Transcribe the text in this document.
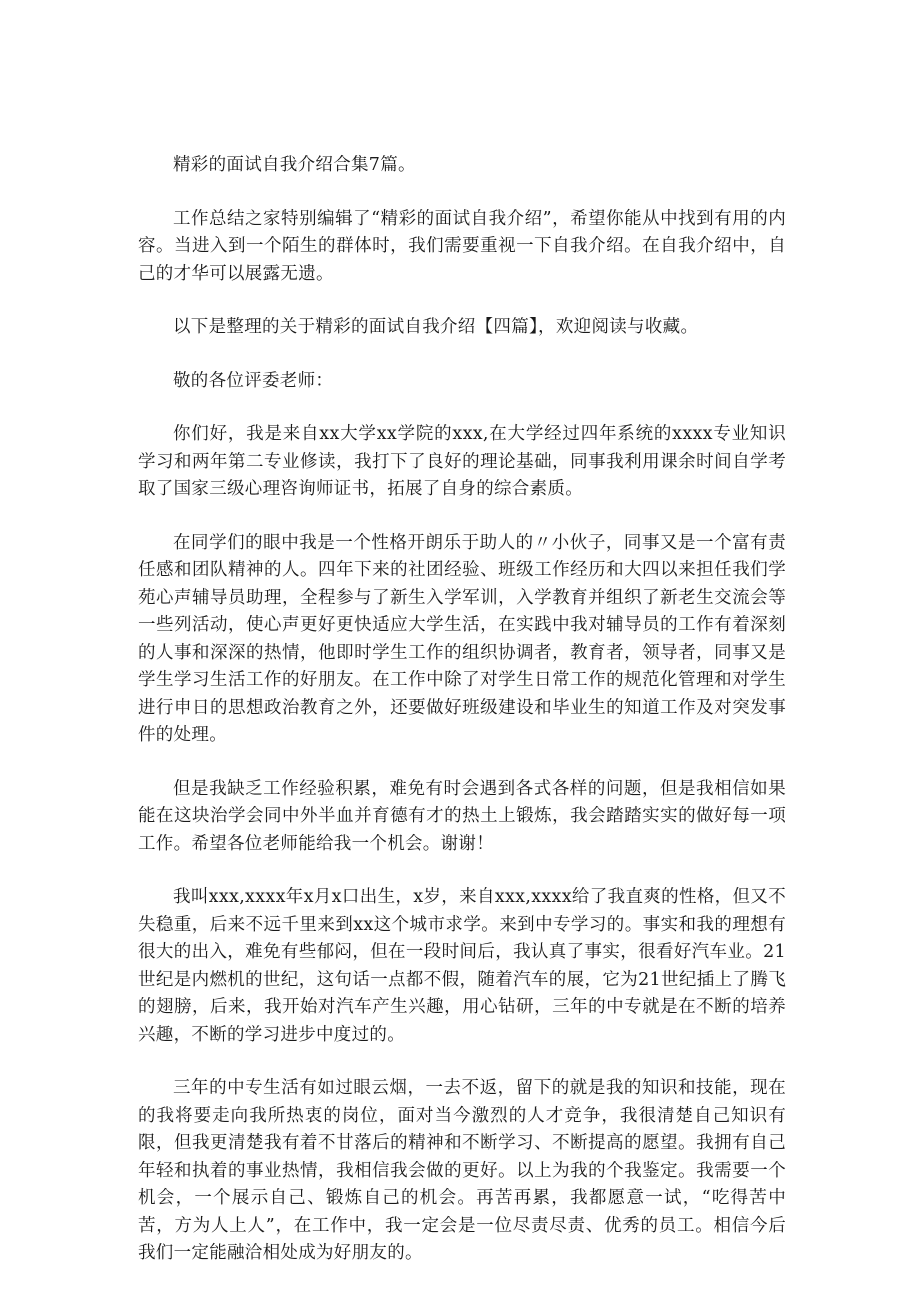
精彩的面试自我介绍合集7篇。

工作总结之家特别编辑了“精彩的面试自我介绍”，希望你能从中找到有用的内容。当进入到一个陌生的群体时，我们需要重视一下自我介绍。在自我介绍中，自己的才华可以展露无遗。

以下是整理的关于精彩的面试自我介绍【四篇】，欢迎阅读与收藏。

敬的各位评委老师：

你们好，我是来自xx大学xx学院的xxx,在大学经过四年系统的xxxx专业知识学习和两年第二专业修读，我打下了良好的理论基础，同事我利用课余时间自学考取了国家三级心理咨询师证书，拓展了自身的综合素质。

在同学们的眼中我是一个性格开朗乐于助人的〃小伙子，同事又是一个富有责任感和团队精神的人。四年下来的社团经验、班级工作经历和大四以来担任我们学苑心声辅导员助理，全程参与了新生入学军训，入学教育并组织了新老生交流会等一些列活动，使心声更好更快适应大学生活，在实践中我对辅导员的工作有着深刻的人事和深深的热情，他即时学生工作的组织协调者，教育者，领导者，同事又是学生学习生活工作的好朋友。在工作中除了对学生日常工作的规范化管理和对学生进行申日的思想政治教育之外，还要做好班级建设和毕业生的知道工作及对突发事件的处理。

但是我缺乏工作经验积累，难免有时会遇到各式各样的问题，但是我相信如果能在这块治学会同中外半血并育德有才的热土上锻炼，我会踏踏实实的做好每一项工作。希望各位老师能给我一个机会。谢谢！

我叫xxx,xxxx年x月x口出生，x岁，来自xxx,xxxx给了我直爽的性格，但又不失稳重，后来不远千里来到xx这个城市求学。来到中专学习的。事实和我的理想有很大的出入，难免有些郁闷，但在一段时间后，我认真了事实，很看好汽车业。21世纪是内燃机的世纪，这句话一点都不假，随着汽车的展，它为21世纪插上了腾飞的翅膀，后来，我开始对汽车产生兴趣，用心钻研，三年的中专就是在不断的培养兴趣，不断的学习进步中度过的。

三年的中专生活有如过眼云烟，一去不返，留下的就是我的知识和技能，现在的我将要走向我所热衷的岗位，面对当今激烈的人才竞争，我很清楚自己知识有限，但我更清楚我有着不甘落后的精神和不断学习、不断提高的愿望。我拥有自己年轻和执着的事业热情，我相信我会做的更好。以上为我的个我鉴定。我需要一个机会，一个展示自己、锻炼自己的机会。再苦再累，我都愿意一试，“吃得苦中苦，方为人上人”，在工作中，我一定会是一位尽责尽责、优秀的员工。相信今后我们一定能融洽相处成为好朋友的。
